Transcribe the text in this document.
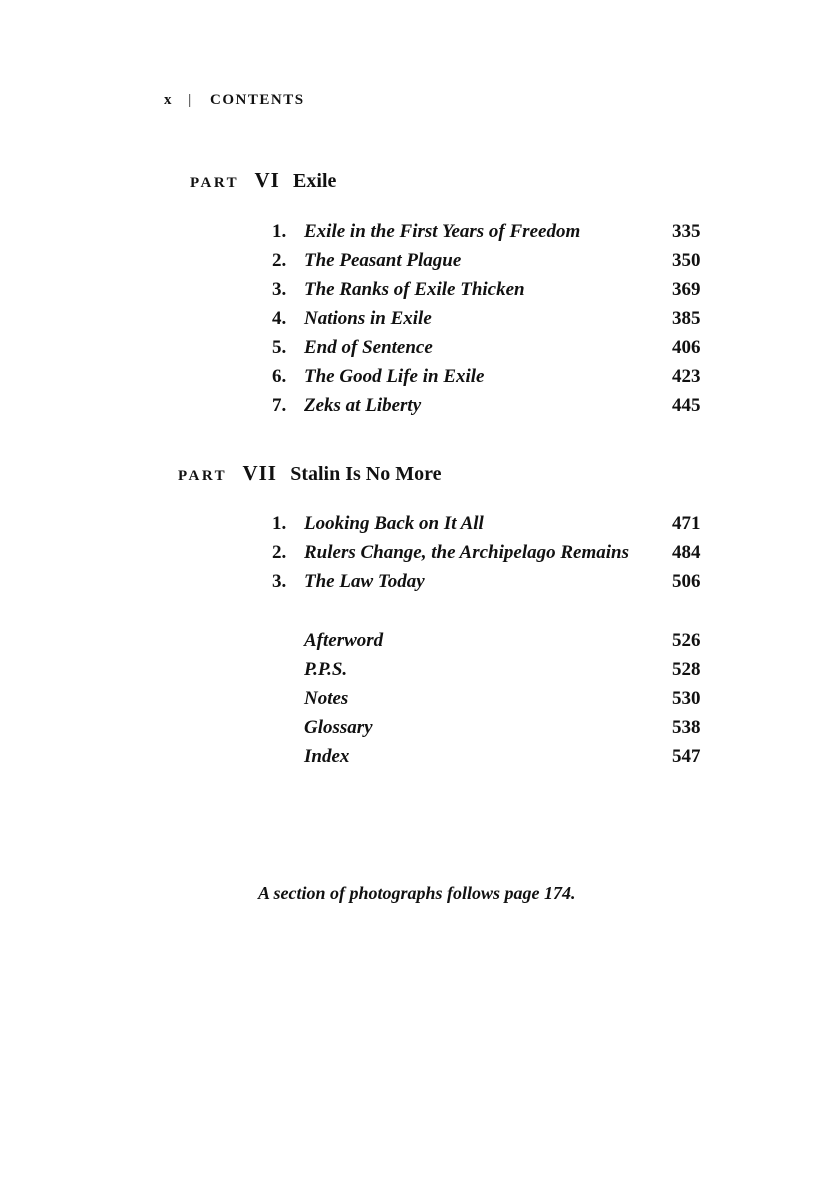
x | CONTENTS
PART VI Exile
1. Exile in the First Years of Freedom	335
2. The Peasant Plague	350
3. The Ranks of Exile Thicken	369
4. Nations in Exile	385
5. End of Sentence	406
6. The Good Life in Exile	423
7. Zeks at Liberty	445
PART VII Stalin Is No More
1. Looking Back on It All	471
2. Rulers Change, the Archipelago Remains 484
3. The Law Today	506
Afterword	526
P.P.S.	528
Notes	530
Glossary	538
Index	547
A section of photographs follows page 174.
